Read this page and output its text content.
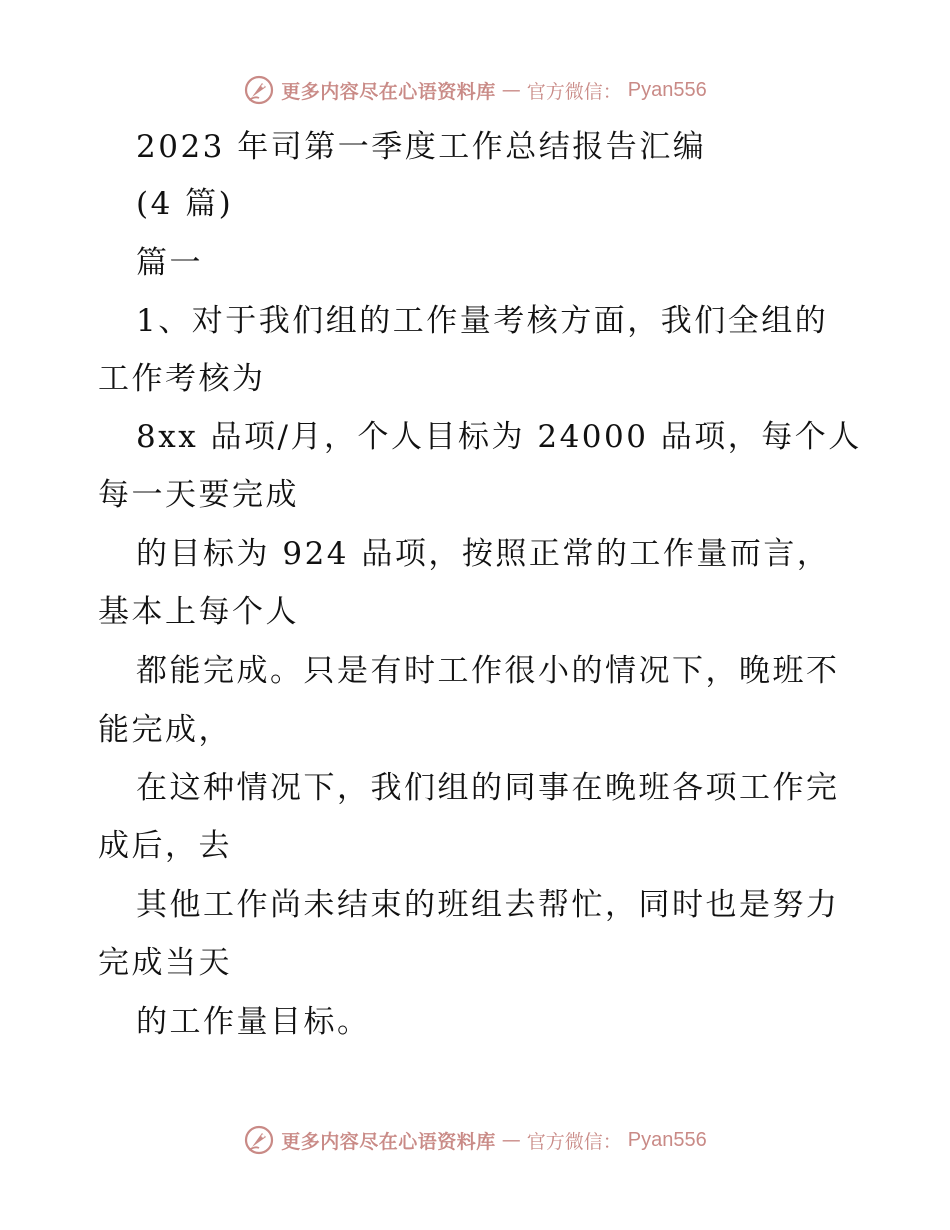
更多内容尽在心语资料库 — 官方微信： Pyan556
2023 年司第一季度工作总结报告汇编
(4 篇)
篇一
1、对于我们组的工作量考核方面，我们全组的
工作考核为
8xx 品项/月，个人目标为 24000 品项，每个人
每一天要完成
的目标为 924 品项，按照正常的工作量而言，
基本上每个人
都能完成。只是有时工作很小的情况下，晚班不
能完成，
在这种情况下，我们组的同事在晚班各项工作完
成后，去
其他工作尚未结束的班组去帮忙，同时也是努力
完成当天
的工作量目标。
更多内容尽在心语资料库 — 官方微信： Pyan556
